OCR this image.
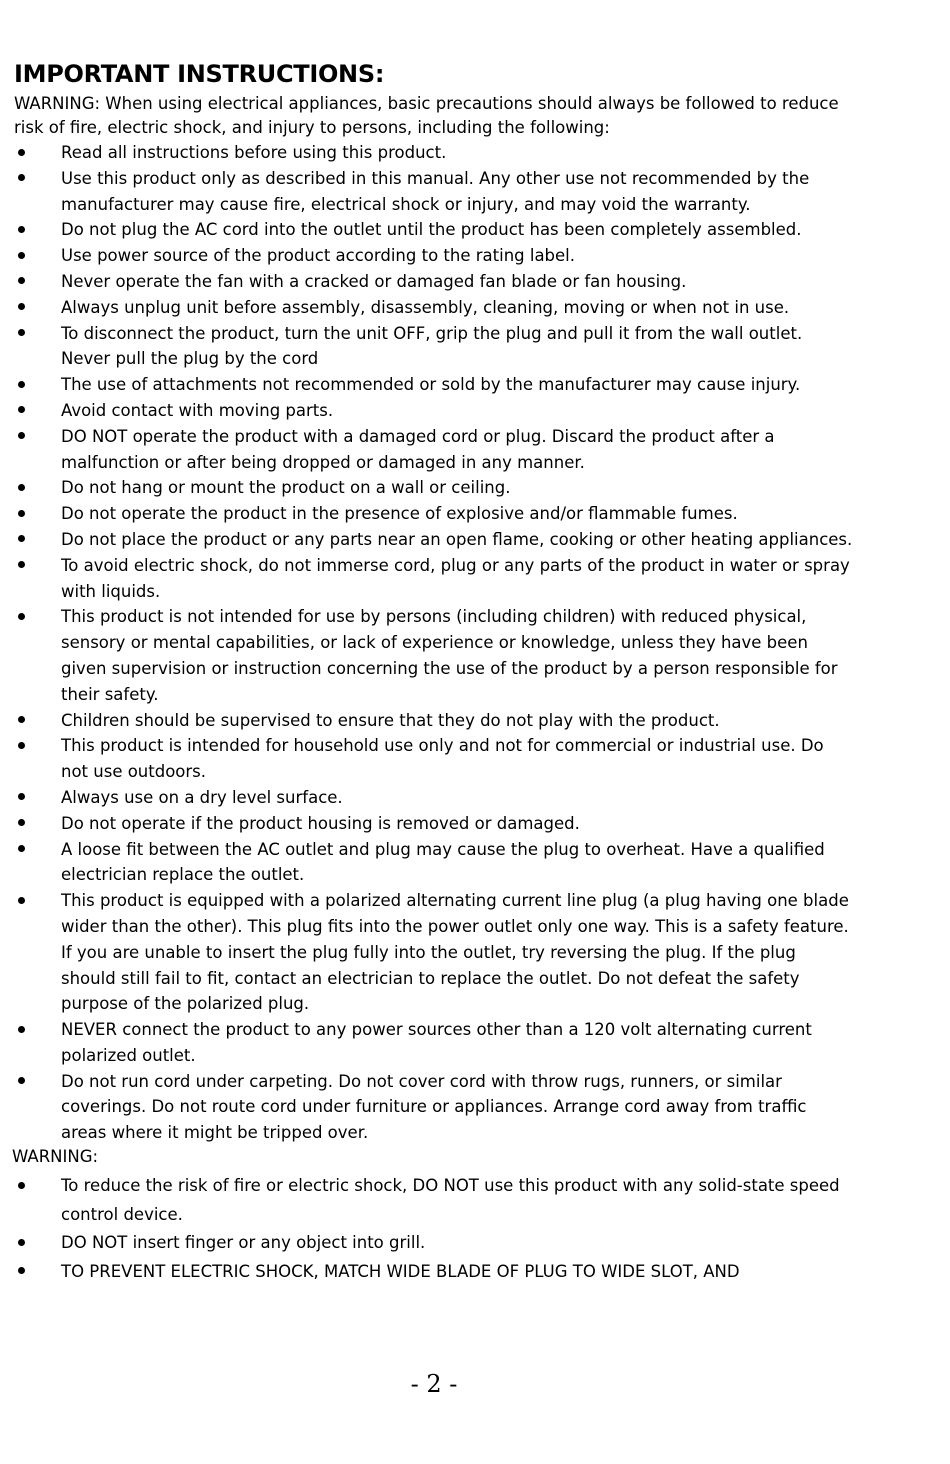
IMPORTANT INSTRUCTIONS:

WARNING: When using electrical appliances, basic precautions should always be followed to reduce risk of fire, electric shock, and injury to persons, including the following:

Read all instructions before using this product.
Use this product only as described in this manual. Any other use not recommended by the manufacturer may cause fire, electrical shock or injury, and may void the warranty.
Do not plug the AC cord into the outlet until the product has been completely assembled.
Use power source of the product according to the rating label.
Never operate the fan with a cracked or damaged fan blade or fan housing.
Always unplug unit before assembly, disassembly, cleaning, moving or when not in use.
To disconnect the product, turn the unit OFF, grip the plug and pull it from the wall outlet. Never pull the plug by the cord
The use of attachments not recommended or sold by the manufacturer may cause injury.
Avoid contact with moving parts.
DO NOT operate the product with a damaged cord or plug. Discard the product after a malfunction or after being dropped or damaged in any manner.
Do not hang or mount the product on a wall or ceiling.
Do not operate the product in the presence of explosive and/or flammable fumes.
Do not place the product or any parts near an open flame, cooking or other heating appliances.
To avoid electric shock, do not immerse cord, plug or any parts of the product in water or spray with liquids.
This product is not intended for use by persons (including children) with reduced physical, sensory or mental capabilities, or lack of experience or knowledge, unless they have been given supervision or instruction concerning the use of the product by a person responsible for their safety.
Children should be supervised to ensure that they do not play with the product.
This product is intended for household use only and not for commercial or industrial use. Do not use outdoors.
Always use on a dry level surface.
Do not operate if the product housing is removed or damaged.
A loose fit between the AC outlet and plug may cause the plug to overheat. Have a qualified electrician replace the outlet.
This product is equipped with a polarized alternating current line plug (a plug having one blade wider than the other). This plug fits into the power outlet only one way. This is a safety feature. If you are unable to insert the plug fully into the outlet, try reversing the plug. If the plug should still fail to fit, contact an electrician to replace the outlet. Do not defeat the safety purpose of the polarized plug.
NEVER connect the product to any power sources other than a 120 volt alternating current polarized outlet.
Do not run cord under carpeting. Do not cover cord with throw rugs, runners, or similar coverings. Do not route cord under furniture or appliances. Arrange cord away from traffic areas where it might be tripped over.

WARNING:

To reduce the risk of fire or electric shock, DO NOT use this product with any solid-state speed control device.
DO NOT insert finger or any object into grill.
TO PREVENT ELECTRIC SHOCK, MATCH WIDE BLADE OF PLUG TO WIDE SLOT, AND
- 2 -
